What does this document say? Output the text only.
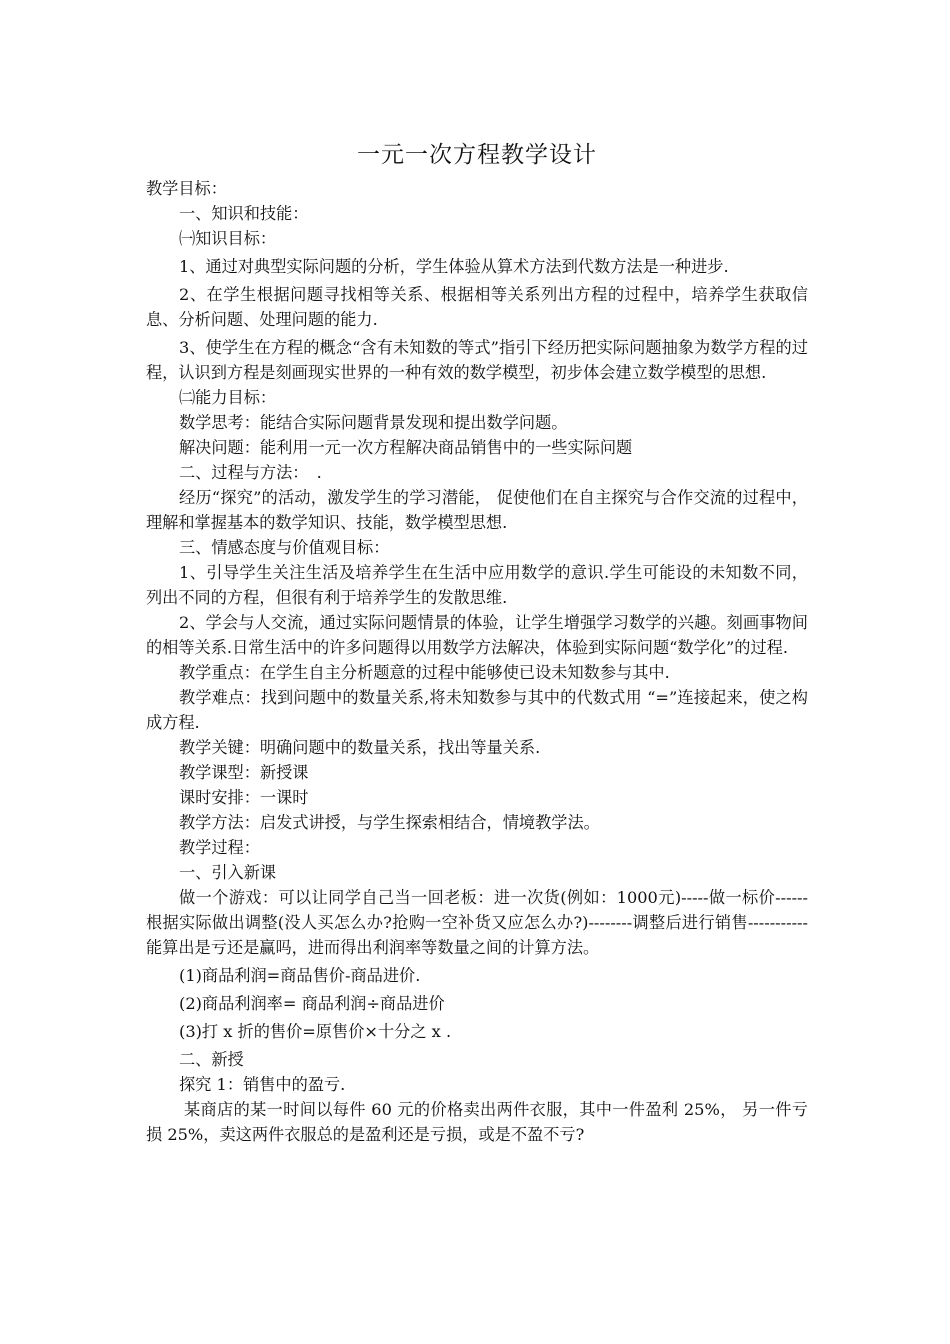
一元一次方程教学设计

教学目标：

一、知识和技能：

㈠知识目标：

1、通过对典型实际问题的分析，学生体验从算术方法到代数方法是一种进步.

2、在学生根据问题寻找相等关系、根据相等关系列出方程的过程中，培养学生获取信息、分析问题、处理问题的能力.

3、使学生在方程的概念“含有未知数的等式”指引下经历把实际问题抽象为数学方程的过程，认识到方程是刻画现实世界的一种有效的数学模型，初步体会建立数学模型的思想.

㈡能力目标：

数学思考：能结合实际问题背景发现和提出数学问题。

解决问题：能利用一元一次方程解决商品销售中的一些实际问题

二、过程与方法：　.

经历“探究”的活动，激发学生的学习潜能， 促使他们在自主探究与合作交流的过程中，理解和掌握基本的数学知识、技能，数学模型思想.

三、情感态度与价值观目标：

1、引导学生关注生活及培养学生在生活中应用数学的意识.学生可能设的未知数不同，列出不同的方程，但很有利于培养学生的发散思维.

2、学会与人交流，通过实际问题情景的体验，让学生增强学习数学的兴趣。刻画事物间的相等关系.日常生活中的许多问题得以用数学方法解决，体验到实际问题“数学化”的过程.

教学重点：在学生自主分析题意的过程中能够使已设未知数参与其中.

教学难点：找到问题中的数量关系,将未知数参与其中的代数式用 “=”连接起来，使之构成方程.

教学关键：明确问题中的数量关系，找出等量关系.

教学课型：新授课

课时安排：一课时

教学方法：启发式讲授，与学生探索相结合，情境教学法。

教学过程：

一、引入新课

做一个游戏：可以让同学自己当一回老板：进一次货(例如：1000元)-----做一标价------根据实际做出调整(没人买怎么办?抢购一空补货又应怎么办?)--------调整后进行销售-----------能算出是亏还是赢吗，进而得出利润率等数量之间的计算方法。

(1)商品利润=商品售价-商品进价.

(2)商品利润率= 商品利润÷商品进价

(3)打 x 折的售价=原售价×十分之 x .

二、新授

探究 1：销售中的盈亏.

某商店的某一时间以每件 60 元的价格卖出两件衣服，其中一件盈利 25%， 另一件亏损 25%，卖这两件衣服总的是盈利还是亏损，或是不盈不亏?
